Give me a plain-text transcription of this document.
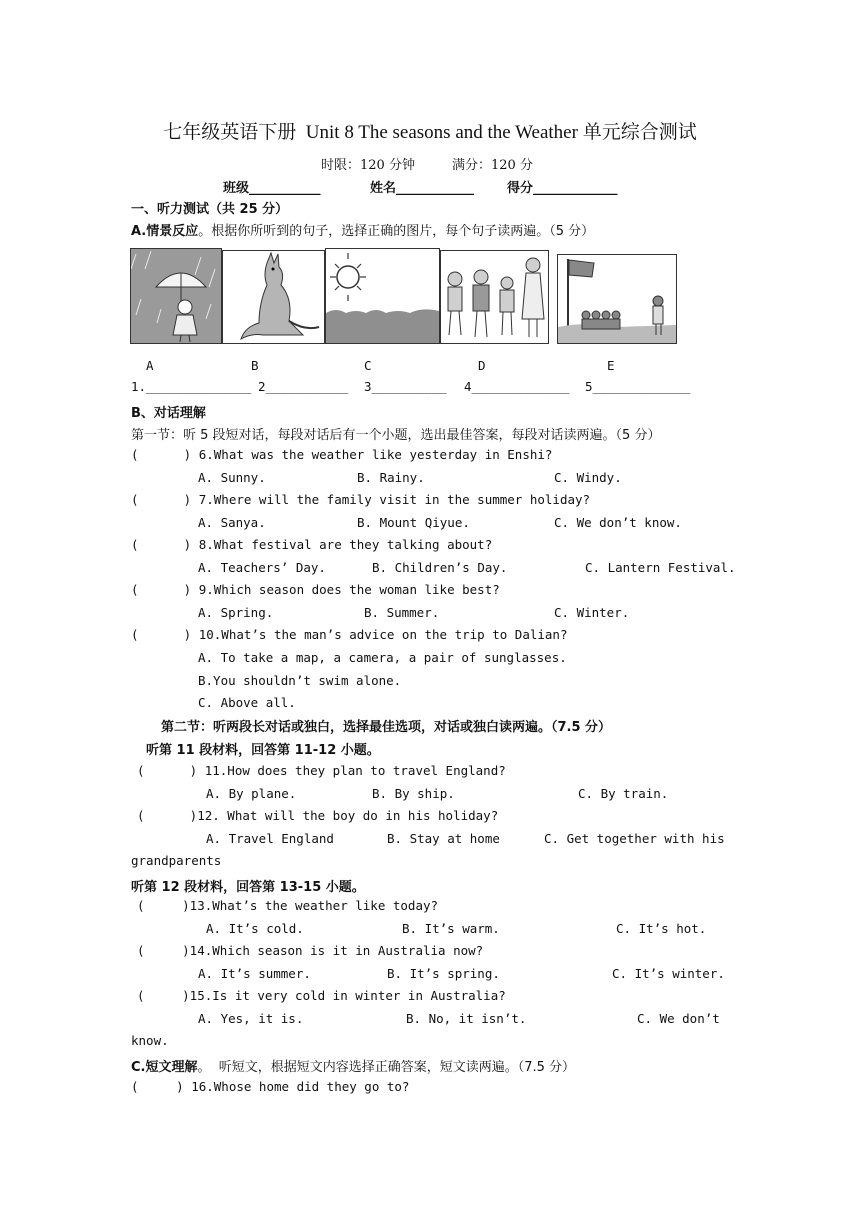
七年级英语下册  Unit 8 The seasons and the Weather 单元综合测试
时限：120 分钟	满分：120 分
班级___________	姓名____________	得分_____________
一、听力测试（共 25 分）
A.情景反应。根据你所听到的句子，选择正确的图片，每个句子读两遍。（5 分）
A	B	C	D	E
1.______________ 2___________ 3__________ 4_____________ 5_____________
B、对话理解
第一节：听 5 段短对话，每段对话后有一个小题，选出最佳答案，每段对话读两遍。（5 分）
(      ) 6.What was the weather like yesterday in Enshi?
A. Sunny.	B. Rainy.	C. Windy.
(      ) 7.Where will the family visit in the summer holiday?
A. Sanya.	B. Mount Qiyue.	C. We don’t know.
(      ) 8.What festival are they talking about?
A. Teachers’ Day.	B. Children’s Day.	C. Lantern Festival.
(      ) 9.Which season does the woman like best?
A. Spring.	B. Summer.	C. Winter.
(      ) 10.What’s the man’s advice on the trip to Dalian?
A. To take a map, a camera, a pair of sunglasses.
B.You shouldn’t swim alone.
C. Above all.
第二节：听两段长对话或独白，选择最佳选项，对话或独白读两遍。（7.5 分）
听第 11 段材料，回答第 11-12 小题。
(      ) 11.How does they plan to travel England?
A. By plane.	B. By ship.	C. By train.
(      )12. What will the boy do in his holiday?
A. Travel England	B. Stay at home	C. Get together with his
grandparents
听第 12 段材料，回答第 13-15 小题。
(     )13.What’s the weather like today?
A. It’s cold.	B. It’s warm.	C. It’s hot.
(     )14.Which season is it in Australia now?
A. It’s summer.	B. It’s spring.	C. It’s winter.
(     )15.Is it very cold in winter in Australia?
A. Yes, it is.	B. No, it isn’t.	C. We don’t
know.
C.短文理解。  听短文，根据短文内容选择正确答案，短文读两遍。（7.5 分）
(     ) 16.Whose home did they go to?
